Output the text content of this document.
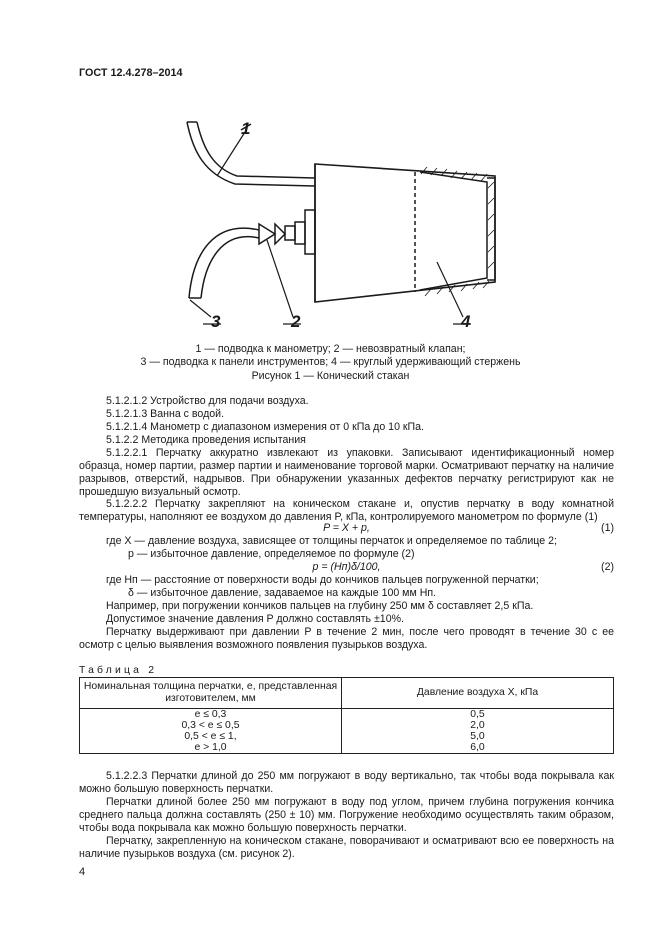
ГОСТ 12.4.278–2014
1
2
3	4
1 — подводка к манометру; 2 — невозвратный клапан;
3 — подводка к панели инструментов; 4 — круглый удерживающий стержень
Рисунок 1 — Конический стакан
5.1.2.1.2 Устройство для подачи воздуха.
5.1.2.1.3 Ванна с водой.
5.1.2.1.4 Манометр с диапазоном измерения от 0 кПа до 10 кПа.
5.1.2.2 Методика проведения испытания
5.1.2.2.1 Перчатку аккуратно извлекают из упаковки. Записывают идентификационный номер образца, номер партии, размер партии и наименование торговой марки. Осматривают перчатку на наличие разрывов, отверстий, надрывов. При обнаружении указанных дефектов перчатку регистрируют как не прошедшую визуальный осмотр.
5.1.2.2.2 Перчатку закрепляют на коническом стакане и, опустив перчатку в воду комнатной температуры, наполняют ее воздухом до давления P, кПа, контролируемого манометром по формуле (1)
P = X + p,	(1)
где X — давление воздуха, зависящее от толщины перчаток и определяемое по таблице 2;
p — избыточное давление, определяемое по формуле (2)
p = (Hп)δ/100,	(2)
где Hп — расстояние от поверхности воды до кончиков пальцев погруженной перчатки;
δ — избыточное давление, задаваемое на каждые 100 мм Hп.
Например, при погружении кончиков пальцев на глубину 250 мм δ составляет 2,5 кПа.
Допустимое значение давления P должно составлять ±10%.
Перчатку выдерживают при давлении P в течение 2 мин, после чего проводят в течение 30 с ее осмотр с целью выявления возможного появления пузырьков воздуха.
Таблица 2
Номинальная толщина перчатки, е, представленная изготовителем, мм	Давление воздуха X, кПа
е ≤ 0,3	0,5
0,3 < е ≤ 0,5	2,0
0,5 < е ≤ 1,	5,0
е > 1,0	6,0
5.1.2.2.3 Перчатки длиной до 250 мм погружают в воду вертикально, так чтобы вода покрывала как можно большую поверхность перчатки.
Перчатки длиной более 250 мм погружают в воду под углом, причем глубина погружения кончика среднего пальца должна составлять (250 ± 10) мм. Погружение необходимо осуществлять таким образом, чтобы вода покрывала как можно большую поверхность перчатки.
Перчатку, закрепленную на коническом стакане, поворачивают и осматривают всю ее поверхность на наличие пузырьков воздуха (см. рисунок 2).
4
